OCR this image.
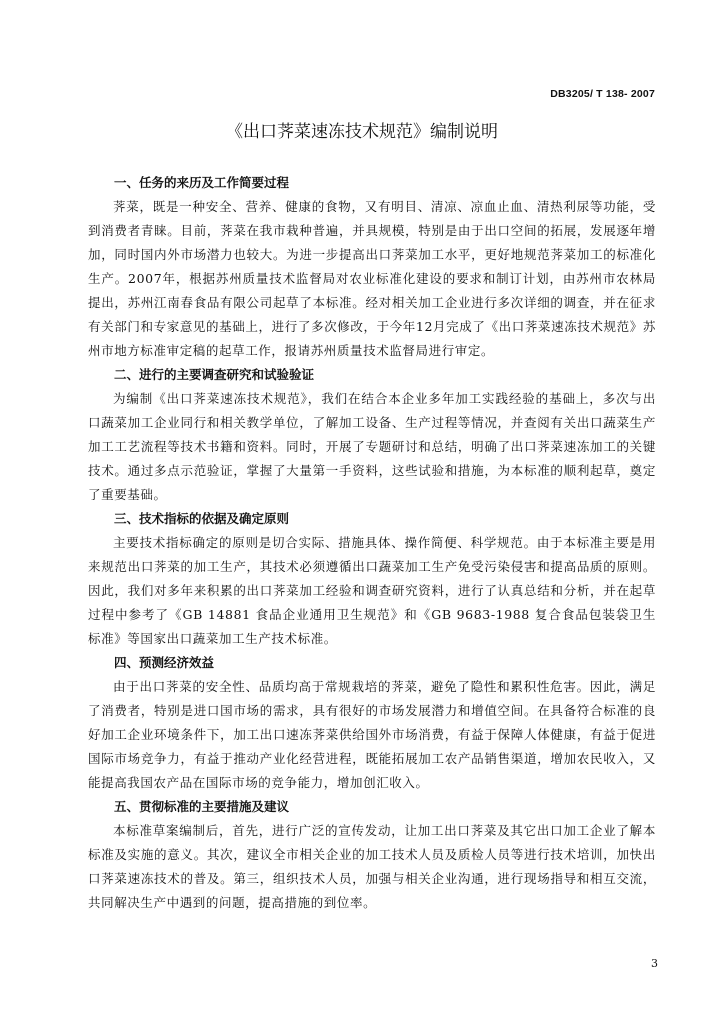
DB3205/ T 138- 2007
《出口荠菜速冻技术规范》编制说明
一、任务的来历及工作简要过程

荠菜，既是一种安全、营养、健康的食物，又有明目、清凉、凉血止血、清热利尿等功能，受到消费者青睐。目前，荠菜在我市栽种普遍，并具规模，特别是由于出口空间的拓展，发展逐年增加，同时国内外市场潜力也较大。为进一步提高出口荠菜加工水平，更好地规范荠菜加工的标准化生产。2007年，根据苏州质量技术监督局对农业标准化建设的要求和制订计划，由苏州市农林局提出，苏州江南春食品有限公司起草了本标准。经对相关加工企业进行多次详细的调查，并在征求有关部门和专家意见的基础上，进行了多次修改，于今年12月完成了《出口荠菜速冻技术规范》苏州市地方标准审定稿的起草工作，报请苏州质量技术监督局进行审定。

二、进行的主要调查研究和试验验证

为编制《出口荠菜速冻技术规范》，我们在结合本企业多年加工实践经验的基础上，多次与出口蔬菜加工企业同行和相关教学单位，了解加工设备、生产过程等情况，并查阅有关出口蔬菜生产加工工艺流程等技术书籍和资料。同时，开展了专题研讨和总结，明确了出口荠菜速冻加工的关键技术。通过多点示范验证，掌握了大量第一手资料，这些试验和措施，为本标准的顺利起草，奠定了重要基础。

三、技术指标的依据及确定原则

主要技术指标确定的原则是切合实际、措施具体、操作简便、科学规范。由于本标准主要是用来规范出口荠菜的加工生产，其技术必须遵循出口蔬菜加工生产免受污染侵害和提高品质的原则。因此，我们对多年来积累的出口荠菜加工经验和调查研究资料，进行了认真总结和分析，并在起草过程中参考了《GB 14881 食品企业通用卫生规范》和《GB 9683-1988 复合食品包装袋卫生标准》等国家出口蔬菜加工生产技术标准。

四、预测经济效益

由于出口荠菜的安全性、品质均高于常规栽培的荠菜，避免了隐性和累积性危害。因此，满足了消费者，特别是进口国市场的需求，具有很好的市场发展潜力和增值空间。在具备符合标准的良好加工企业环境条件下，加工出口速冻荠菜供给国外市场消费，有益于保障人体健康，有益于促进国际市场竞争力，有益于推动产业化经营进程，既能拓展加工农产品销售渠道，增加农民收入，又能提高我国农产品在国际市场的竞争能力，增加创汇收入。

五、贯彻标准的主要措施及建议

本标准草案编制后，首先，进行广泛的宣传发动，让加工出口荠菜及其它出口加工企业了解本标准及实施的意义。其次，建议全市相关企业的加工技术人员及质检人员等进行技术培训，加快出口荠菜速冻技术的普及。第三，组织技术人员，加强与相关企业沟通，进行现场指导和相互交流，共同解决生产中遇到的问题，提高措施的到位率。

3
